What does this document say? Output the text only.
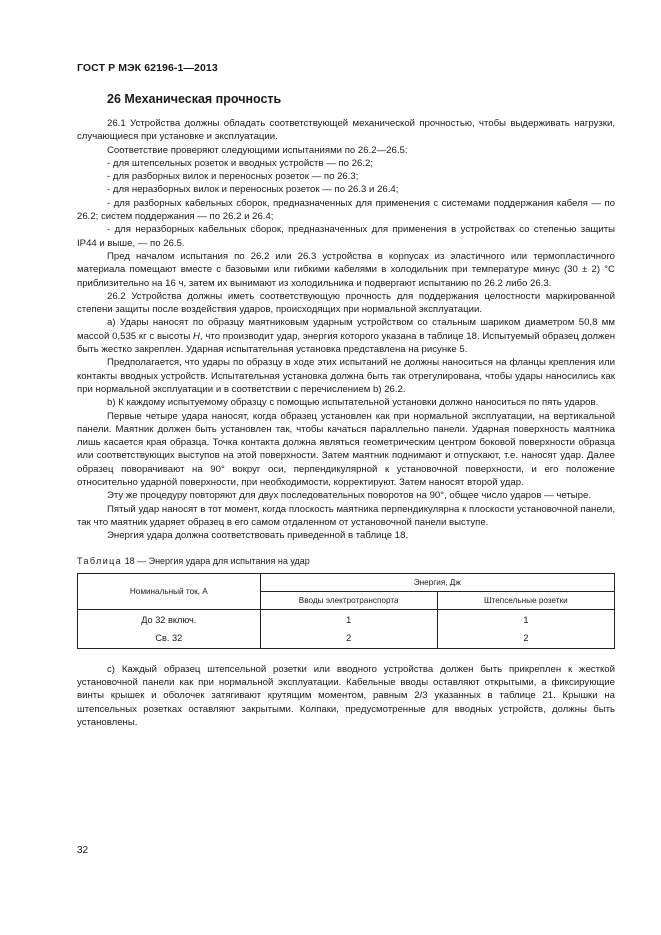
ГОСТ Р МЭК 62196-1—2013
26 Механическая прочность

26.1 Устройства должны обладать соответствующей механической прочностью, чтобы выдерживать нагрузки, случающиеся при установке и эксплуатации.

Соответствие проверяют следующими испытаниями по 26.2—26.5:

- для штепсельных розеток и вводных устройств — по 26.2;

- для разборных вилок и переносных розеток — по 26.3;

- для неразборных вилок и переносных розеток — по 26.3 и 26.4;

- для разборных кабельных сборок, предназначенных для применения с системами поддержания кабеля — по 26.2; систем поддержания — по 26.2 и 26.4;

- для неразборных кабельных сборок, предназначенных для применения в устройствах со степенью защиты IP44 и выше, — по 26.5.

Пред началом испытания по 26.2 или 26.3 устройства в корпусах из эластичного или термопластичного материала помещают вместе с базовыми или гибкими кабелями в холодильник при температуре минус (30 ± 2) °С приблизительно на 16 ч, затем их вынимают из холодильника и подвергают испытанию по 26.2 либо 26.3.

26.2 Устройства должны иметь соответствующую прочность для поддержания целостности маркированной степени защиты после воздействия ударов, происходящих при нормальной эксплуатации.

а) Удары наносят по образцу маятниковым ударным устройством со стальным шариком диаметром 50,8 мм массой 0,535 кг с высоты H, что производит удар, энергия которого указана в таблице 18. Испытуемый образец должен быть жестко закреплен. Ударная испытательная установка представлена на рисунке 5.

Предполагается, что удары по образцу в ходе этих испытаний не должны наноситься на фланцы крепления или контакты вводных устройств. Испытательная установка должна быть так отрегулирована, чтобы удары наносились как при нормальной эксплуатации и в соответствии с перечислением b) 26.2.

b) К каждому испытуемому образцу с помощью испытательной установки должно наноситься по пять ударов.

Первые четыре удара наносят, когда образец установлен как при нормальной эксплуатации, на вертикальной панели. Маятник должен быть установлен так, чтобы качаться параллельно панели. Ударная поверхность маятника лишь касается края образца. Точка контакта должна являться геометрическим центром боковой поверхности образца или соответствующих выступов на этой поверхности. Затем маятник поднимают и отпускают, т.е. наносят удар. Далее образец поворачивают на 90° вокруг оси, перпендикулярной к установочной поверхности, и его положение относительно ударной поверхности, при необходимости, корректируют. Затем наносят второй удар.

Эту же процедуру повторяют для двух последовательных поворотов на 90°, общее число ударов — четыре.

Пятый удар наносят в тот момент, когда плоскость маятника перпендикулярна к плоскости установочной панели, так что маятник ударяет образец в его самом отдаленном от установочной панели выступе.

Энергия удара должна соответствовать приведенной в таблице 18.

Таблица 18 — Энергия удара для испытания на удар

Номинальный ток, А	Энергия, Дж	
	Вводы электротранспорта	Штепсельные розетки
До 32 включ.	1	1
Св. 32	2	2

с) Каждый образец штепсельной розетки или вводного устройства должен быть прикреплен к жесткой установочной панели как при нормальной эксплуатации. Кабельные вводы оставляют открытыми, а фиксирующие винты крышек и оболочек затягивают крутящим моментом, равным 2/3 указанных в таблице 21. Крышки на штепсельных розетках оставляют закрытыми. Колпаки, предусмотренные для вводных устройств, должны быть установлены.

32
